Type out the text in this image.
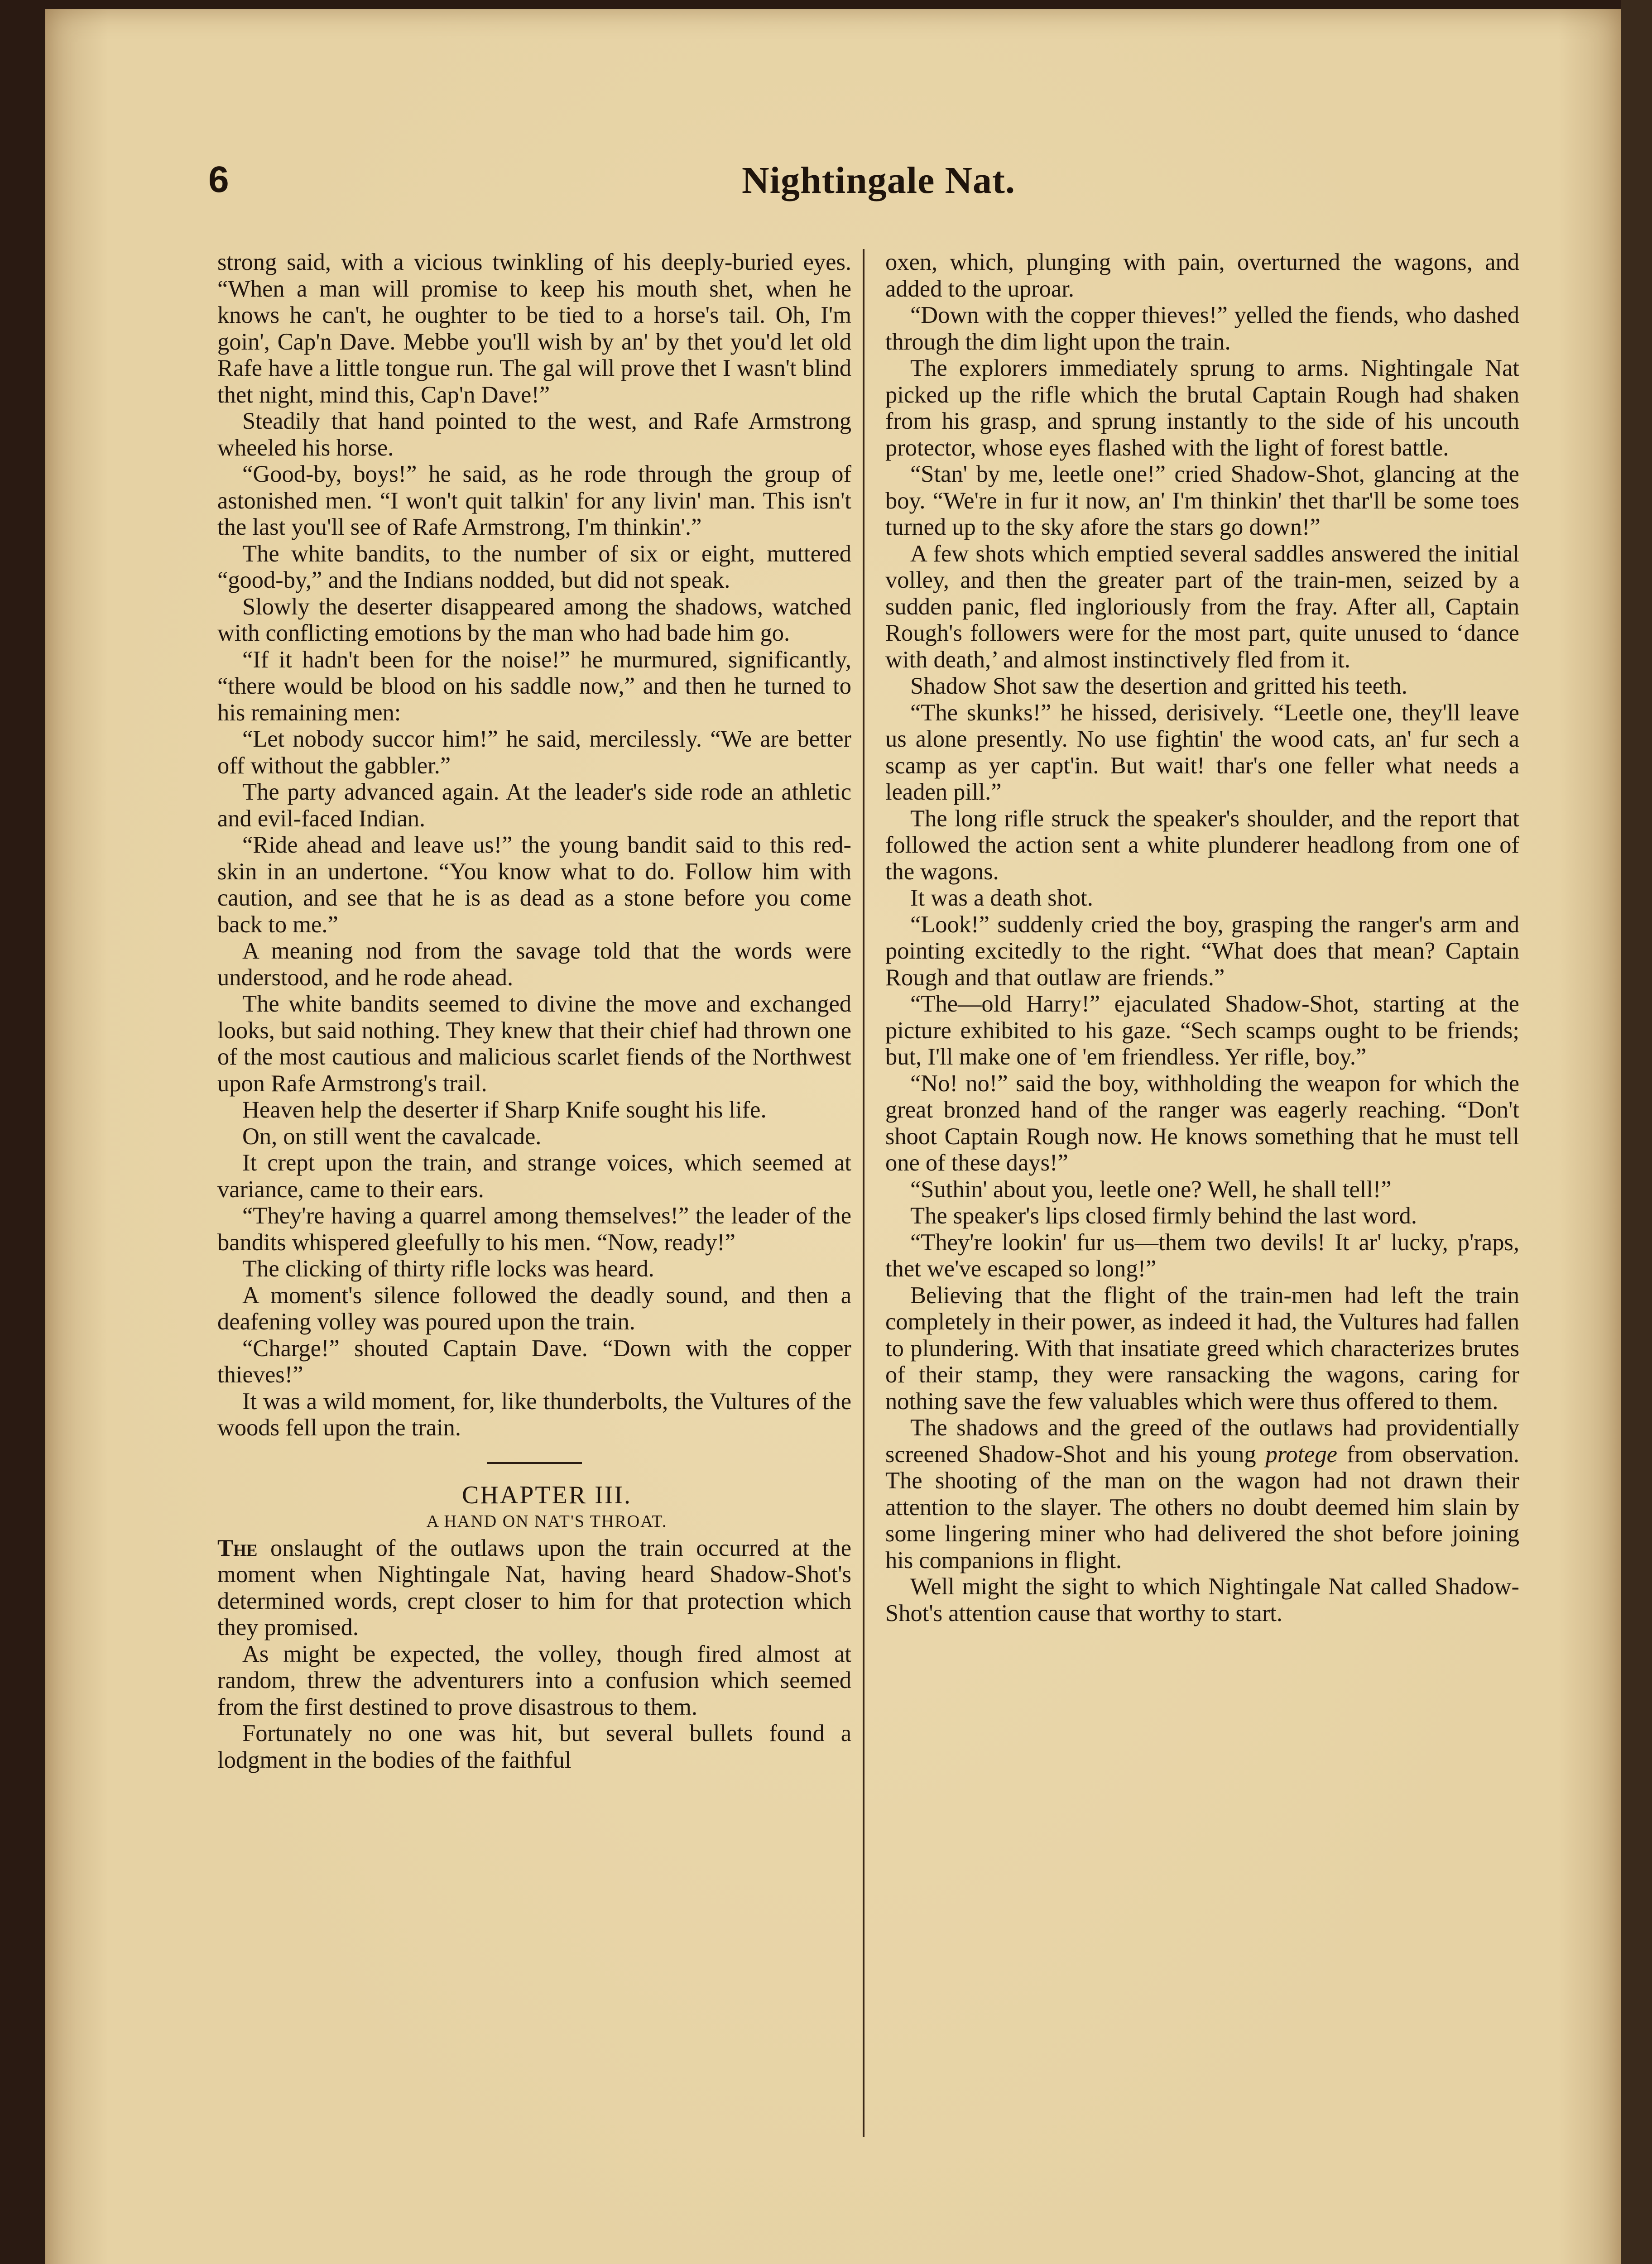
6	Nightingale Nat.

strong said, with a vicious twinkling of his deeply-buried eyes. “When a man will promise to keep his mouth shet, when he knows he can't, he oughter to be tied to a horse's tail. Oh, I'm goin', Cap'n Dave. Mebbe you'll wish by an' by thet you'd let old Rafe have a little tongue run. The gal will prove thet I wasn't blind thet night, mind this, Cap'n Dave!”

Steadily that hand pointed to the west, and Rafe Armstrong wheeled his horse.

“Good-by, boys!” he said, as he rode through the group of astonished men. “I won't quit talkin' for any livin' man. This isn't the last you'll see of Rafe Armstrong, I'm thinkin'.”

The white bandits, to the number of six or eight, muttered “good-by,” and the Indians nodded, but did not speak.

Slowly the deserter disappeared among the shadows, watched with conflicting emotions by the man who had bade him go.

“If it hadn't been for the noise!” he murmured, significantly, “there would be blood on his saddle now,” and then he turned to his remaining men:

“Let nobody succor him!” he said, mercilessly. “We are better off without the gabbler.”

The party advanced again. At the leader's side rode an athletic and evil-faced Indian.

“Ride ahead and leave us!” the young bandit said to this red-skin in an undertone. “You know what to do. Follow him with caution, and see that he is as dead as a stone before you come back to me.”

A meaning nod from the savage told that the words were understood, and he rode ahead.

The white bandits seemed to divine the move and exchanged looks, but said nothing. They knew that their chief had thrown one of the most cautious and malicious scarlet fiends of the Northwest upon Rafe Armstrong's trail.

Heaven help the deserter if Sharp Knife sought his life.

On, on still went the cavalcade.

It crept upon the train, and strange voices, which seemed at variance, came to their ears.

“They're having a quarrel among themselves!” the leader of the bandits whispered gleefully to his men. “Now, ready!”

The clicking of thirty rifle locks was heard.

A moment's silence followed the deadly sound, and then a deafening volley was poured upon the train.

“Charge!” shouted Captain Dave. “Down with the copper thieves!”

It was a wild moment, for, like thunderbolts, the Vultures of the woods fell upon the train.

CHAPTER III.

A HAND ON NAT'S THROAT.

The onslaught of the outlaws upon the train occurred at the moment when Nightingale Nat, having heard Shadow-Shot's determined words, crept closer to him for that protection which they promised.

As might be expected, the volley, though fired almost at random, threw the adventurers into a confusion which seemed from the first destined to prove disastrous to them.

Fortunately no one was hit, but several bullets found a lodgment in the bodies of the faithful

oxen, which, plunging with pain, overturned the wagons, and added to the uproar.

“Down with the copper thieves!” yelled the fiends, who dashed through the dim light upon the train.

The explorers immediately sprung to arms. Nightingale Nat picked up the rifle which the brutal Captain Rough had shaken from his grasp, and sprung instantly to the side of his uncouth protector, whose eyes flashed with the light of forest battle.

“Stan' by me, leetle one!” cried Shadow-Shot, glancing at the boy. “We're in fur it now, an' I'm thinkin' thet thar'll be some toes turned up to the sky afore the stars go down!”

A few shots which emptied several saddles answered the initial volley, and then the greater part of the train-men, seized by a sudden panic, fled ingloriously from the fray. After all, Captain Rough's followers were for the most part, quite unused to ‘dance with death,’ and almost instinctively fled from it.

Shadow Shot saw the desertion and gritted his teeth.

“The skunks!” he hissed, derisively. “Leetle one, they'll leave us alone presently. No use fightin' the wood cats, an' fur sech a scamp as yer capt'in. But wait! thar's one feller what needs a leaden pill.”

The long rifle struck the speaker's shoulder, and the report that followed the action sent a white plunderer headlong from one of the wagons.

It was a death shot.

“Look!” suddenly cried the boy, grasping the ranger's arm and pointing excitedly to the right. “What does that mean? Captain Rough and that outlaw are friends.”

“The—old Harry!” ejaculated Shadow-Shot, starting at the picture exhibited to his gaze. “Sech scamps ought to be friends; but, I'll make one of 'em friendless. Yer rifle, boy.”

“No! no!” said the boy, withholding the weapon for which the great bronzed hand of the ranger was eagerly reaching. “Don't shoot Captain Rough now. He knows something that he must tell one of these days!”

“Suthin' about you, leetle one? Well, he shall tell!”

The speaker's lips closed firmly behind the last word.

“They're lookin' fur us—them two devils! It ar' lucky, p'raps, thet we've escaped so long!”

Believing that the flight of the train-men had left the train completely in their power, as indeed it had, the Vultures had fallen to plundering. With that insatiate greed which characterizes brutes of their stamp, they were ransacking the wagons, caring for nothing save the few valuables which were thus offered to them.

The shadows and the greed of the outlaws had providentially screened Shadow-Shot and his young protege from observation. The shooting of the man on the wagon had not drawn their attention to the slayer. The others no doubt deemed him slain by some lingering miner who had delivered the shot before joining his companions in flight.

Well might the sight to which Nightingale Nat called Shadow-Shot's attention cause that worthy to start.
